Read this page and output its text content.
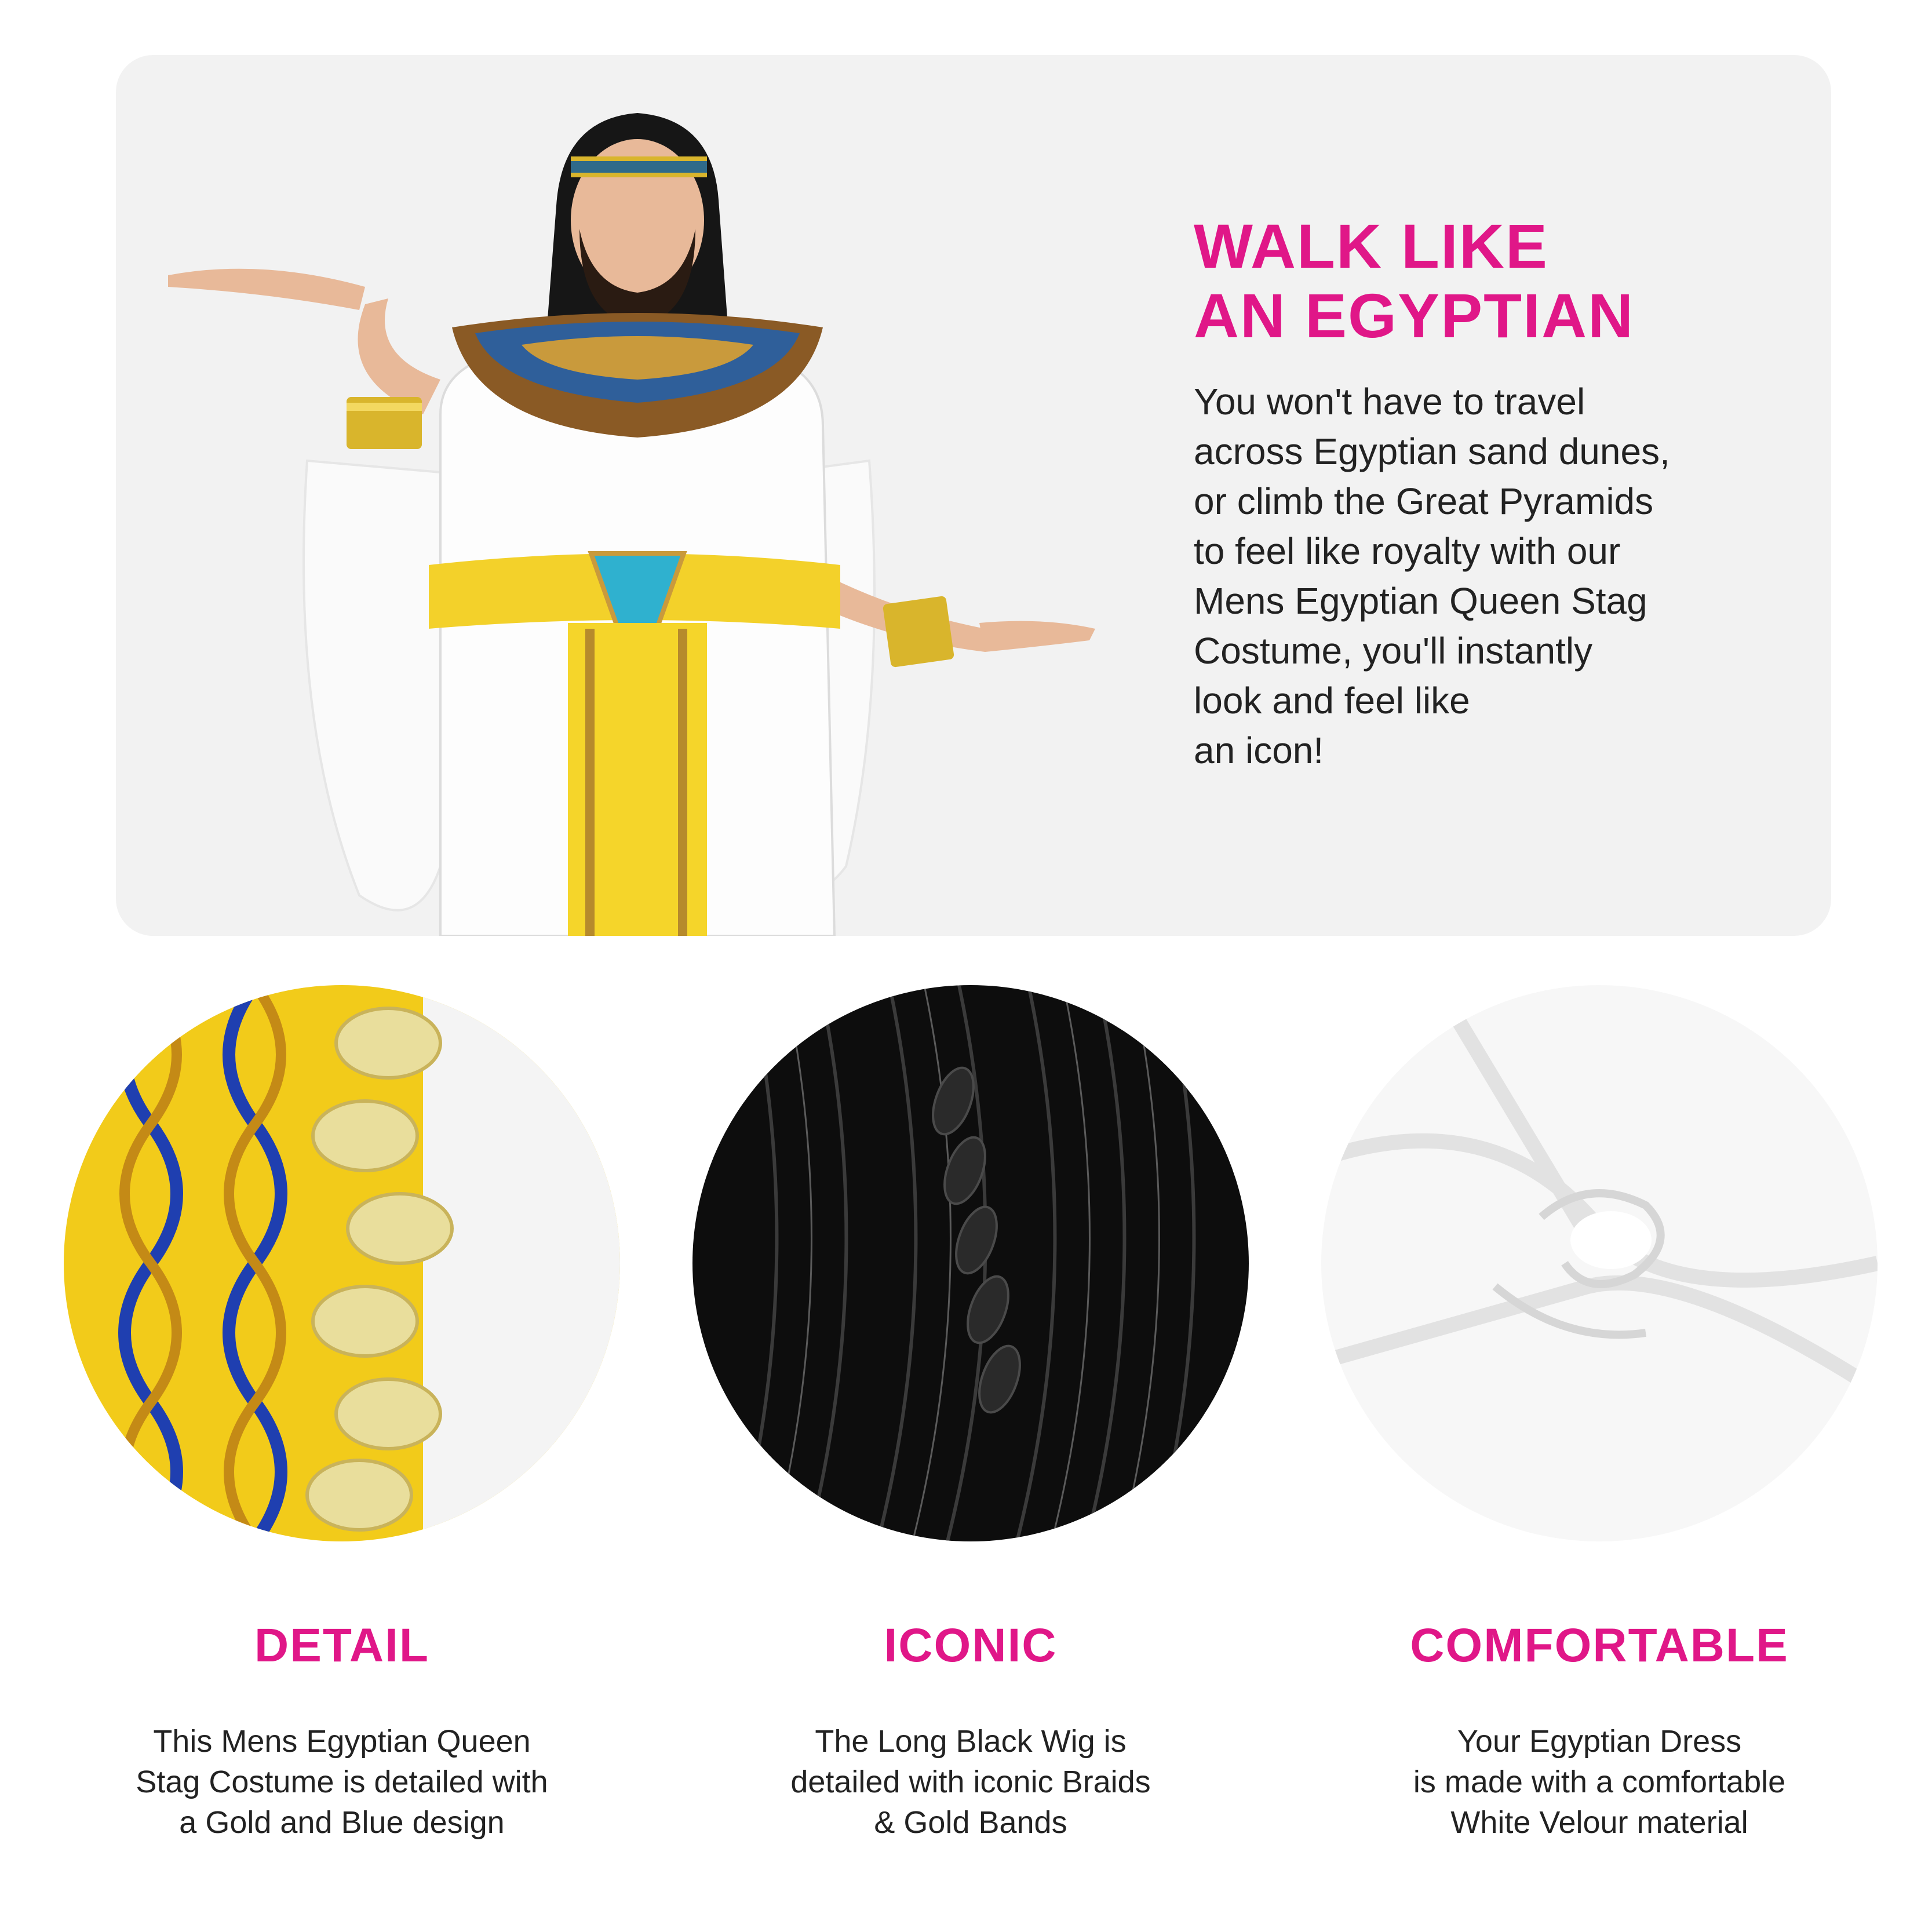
WALK LIKE
AN EGYPTIAN

You won't have to travel
across Egyptian sand dunes,
or climb the Great Pyramids
to feel like royalty with our
Mens Egyptian Queen Stag
Costume, you'll instantly
look and feel like
an icon!

DETAIL

This Mens Egyptian Queen
Stag Costume is detailed with
a Gold and Blue design

ICONIC

The Long Black Wig is
detailed with iconic Braids
& Gold Bands

COMFORTABLE

Your Egyptian Dress
is made with a comfortable
White Velour material
